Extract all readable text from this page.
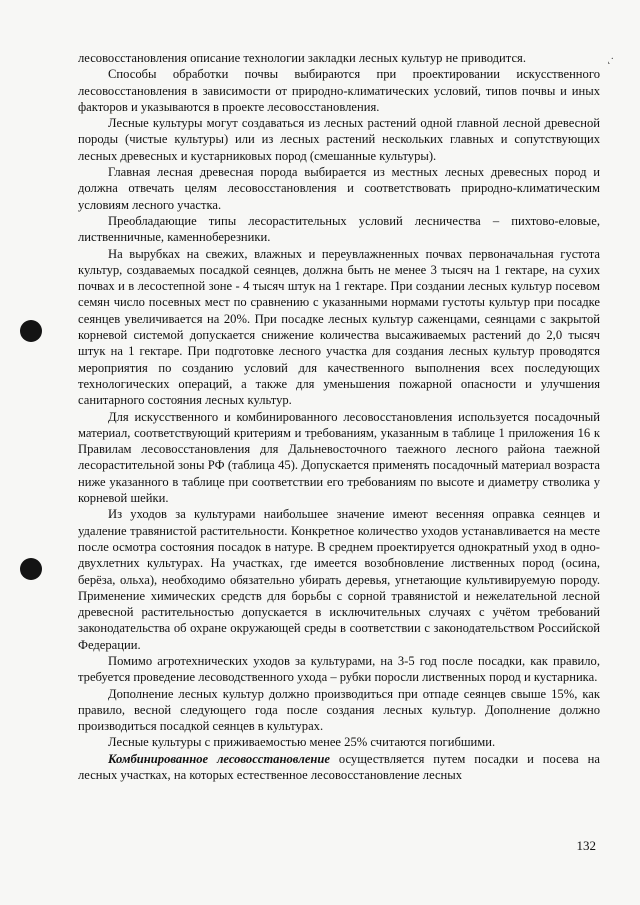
˛·

лесовосстановления описание технологии закладки лесных культур не приводится.

Способы обработки почвы выбираются при проектировании искусственного лесовосстановления в зависимости от природно-климатических условий, типов почвы и иных факторов и указываются в проекте лесовосстановления.

Лесные культуры могут создаваться из лесных растений одной главной лесной древесной породы (чистые культуры) или из лесных растений нескольких главных и сопутствующих лесных древесных и кустарниковых пород (смешанные культуры).

Главная лесная древесная порода выбирается из местных лесных древесных пород и должна отвечать целям лесовосстановления и соответствовать природно-климатическим условиям лесного участка.

Преобладающие типы лесорастительных условий лесничества – пихтово-еловые, лиственничные, каменноберезники.

На вырубках на свежих, влажных и переувлажненных почвах первоначальная густота культур, создаваемых посадкой сеянцев, должна быть не менее 3 тысяч на 1 гектаре, на сухих почвах и в лесостепной зоне - 4 тысяч штук на 1 гектаре. При создании лесных культур посевом семян число посевных мест по сравнению с указанными нормами густоты культур при посадке сеянцев увеличивается на 20%. При посадке лесных культур саженцами, сеянцами с закрытой корневой системой допускается снижение количества высаживаемых растений до 2,0 тысяч штук на 1 гектаре. При подготовке лесного участка для создания лесных культур проводятся мероприятия по созданию условий для качественного выполнения всех последующих технологических операций, а также для уменьшения пожарной опасности и улучшения санитарного состояния лесных культур.

Для искусственного и комбинированного лесовосстановления используется посадочный материал, соответствующий критериям и требованиям, указанным в таблице 1 приложения 16 к Правилам лесовосстановления для Дальневосточного таежного лесного района таежной лесорастительной зоны РФ (таблица 45). Допускается применять посадочный материал возраста ниже указанного в таблице при соответствии его требованиям по высоте и диаметру стволика у корневой шейки.

Из уходов за культурами наибольшее значение имеют весенняя оправка сеянцев и удаление травянистой растительности. Конкретное количество уходов устанавливается на месте после осмотра состояния посадок в натуре. В среднем проектируется однократный уход в одно-двухлетних культурах. На участках, где имеется возобновление лиственных пород (осина, берёза, ольха), необходимо обязательно убирать деревья, угнетающие культивируемую породу. Применение химических средств для борьбы с сорной травянистой и нежелательной лесной древесной растительностью допускается в исключительных случаях с учётом требований законодательства об охране окружающей среды в соответствии с законодательством Российской Федерации.

Помимо агротехнических уходов за культурами, на 3-5 год после посадки, как правило, требуется проведение лесоводственного ухода – рубки поросли лиственных пород и кустарника.

Дополнение лесных культур должно производиться при отпаде сеянцев свыше 15%, как правило, весной следующего года после создания лесных культур. Дополнение должно производиться посадкой сеянцев в культурах.

Лесные культуры с приживаемостью менее 25% считаются погибшими.

Комбинированное лесовосстановление осуществляется путем посадки и посева на лесных участках, на которых естественное лесовосстановление лесных

132
